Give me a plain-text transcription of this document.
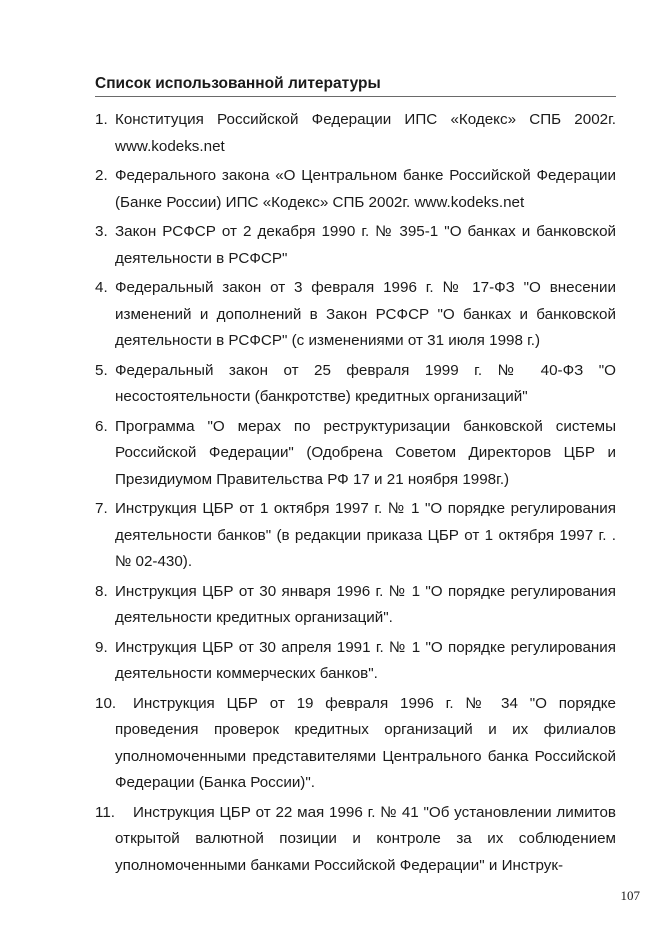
Список использованной литературы
1. Конституция Российской Федерации ИПС «Кодекс» СПБ 2002г. www.kodeks.net
2. Федерального закона «О Центральном банке Российской Федерации (Банке России) ИПС «Кодекс» СПБ 2002г. www.kodeks.net
3. Закон РСФСР от 2 декабря 1990 г. № 395-1 "О банках и банковской деятельности в РСФСР"
4. Федеральный закон от 3 февраля 1996 г. № 17-ФЗ "О внесении изменений и дополнений в Закон РСФСР "О банках и банковской деятельности в РСФСР" (с изменениями от 31 июля 1998 г.)
5. Федеральный закон от 25 февраля 1999 г. № 40-ФЗ "О несостоятельности (банкротстве) кредитных организаций"
6. Программа "О мерах по реструктуризации банковской системы Российской Федерации" (Одобрена Советом Директоров ЦБР и Президиумом Правительства РФ 17 и 21 ноября 1998г.)
7. Инструкция ЦБР от 1 октября 1997 г. № 1 "О порядке регулирования деятельности банков" (в редакции приказа ЦБР от 1 октября 1997 г. .№ 02-430).
8. Инструкция ЦБР от 30 января 1996 г. № 1 "О порядке регулирования деятельности кредитных организаций".
9. Инструкция ЦБР от 30 апреля 1991 г. № 1 "О порядке регулирования деятельности коммерческих банков".
10.	Инструкция ЦБР от 19 февраля 1996 г. № 34 "О порядке проведения проверок кредитных организаций и их филиалов уполномоченными представителями Центрального банка Российской Федерации (Банка России)".
11.	Инструкция ЦБР от 22 мая 1996 г. № 41 "Об установлении лимитов открытой валютной позиции и контроле за их соблюдением уполномоченными банками Российской Федерации" и Инструк-
107
